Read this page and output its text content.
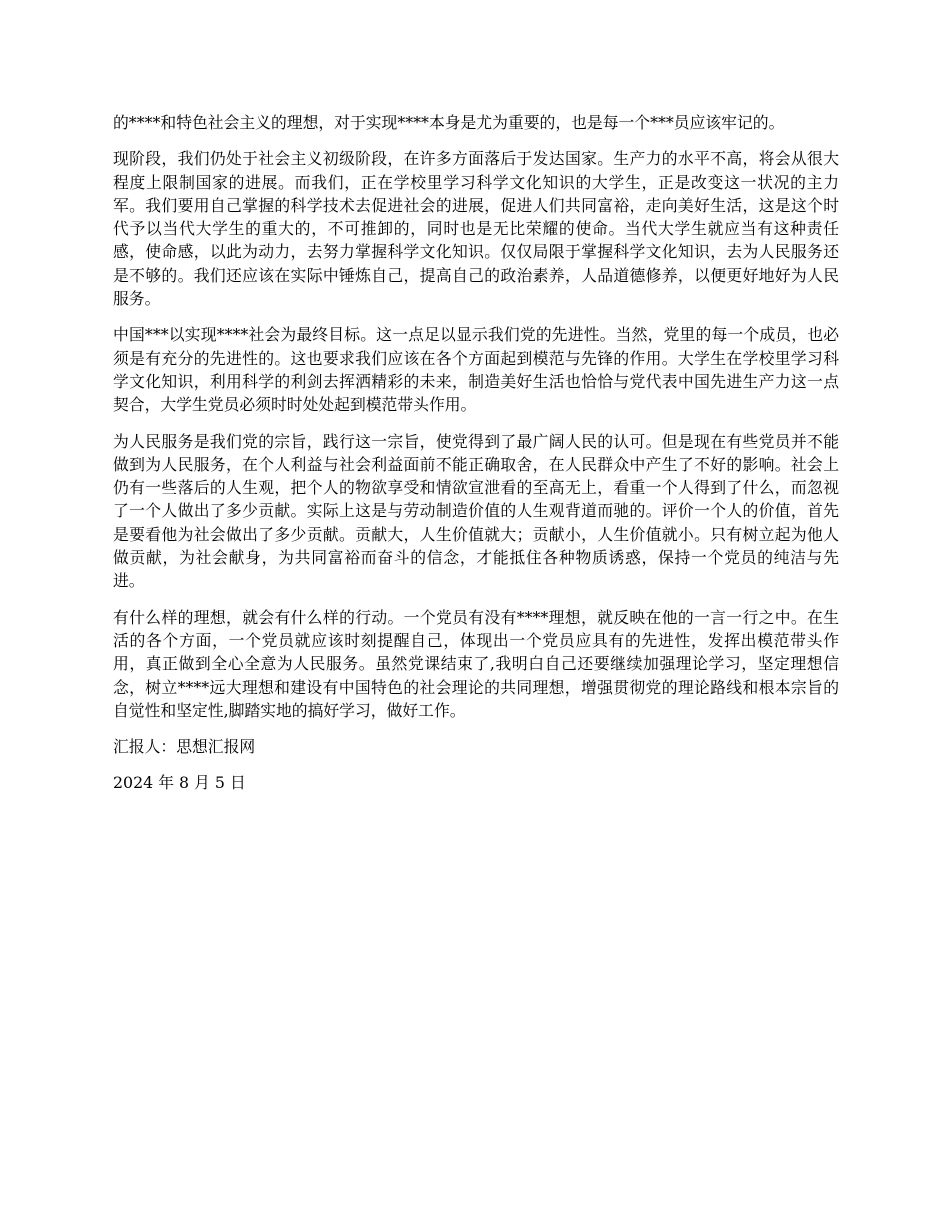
的****和特色社会主义的理想，对于实现****本身是尤为重要的，也是每一个***员应该牢记的。

现阶段，我们仍处于社会主义初级阶段，在许多方面落后于发达国家。生产力的水平不高，将会从很大程度上限制国家的进展。而我们，正在学校里学习科学文化知识的大学生，正是改变这一状况的主力军。我们要用自己掌握的科学技术去促进社会的进展，促进人们共同富裕，走向美好生活，这是这个时代予以当代大学生的重大的，不可推卸的，同时也是无比荣耀的使命。当代大学生就应当有这种责任感，使命感，以此为动力，去努力掌握科学文化知识。仅仅局限于掌握科学文化知识，去为人民服务还是不够的。我们还应该在实际中锤炼自己，提高自己的政治素养，人品道德修养，以便更好地好为人民服务。

中国***以实现****社会为最终目标。这一点足以显示我们党的先进性。当然，党里的每一个成员，也必须是有充分的先进性的。这也要求我们应该在各个方面起到模范与先锋的作用。大学生在学校里学习科学文化知识，利用科学的利剑去挥洒精彩的未来，制造美好生活也恰恰与党代表中国先进生产力这一点契合，大学生党员必须时时处处起到模范带头作用。

为人民服务是我们党的宗旨，践行这一宗旨，使党得到了最广阔人民的认可。但是现在有些党员并不能做到为人民服务，在个人利益与社会利益面前不能正确取舍，在人民群众中产生了不好的影响。社会上仍有一些落后的人生观，把个人的物欲享受和情欲宣泄看的至高无上，看重一个人得到了什么，而忽视了一个人做出了多少贡献。实际上这是与劳动制造价值的人生观背道而驰的。评价一个人的价值，首先是要看他为社会做出了多少贡献。贡献大，人生价值就大；贡献小，人生价值就小。只有树立起为他人做贡献，为社会献身，为共同富裕而奋斗的信念，才能抵住各种物质诱惑，保持一个党员的纯洁与先进。

有什么样的理想，就会有什么样的行动。一个党员有没有****理想，就反映在他的一言一行之中。在生活的各个方面，一个党员就应该时刻提醒自己，体现出一个党员应具有的先进性，发挥出模范带头作用，真正做到全心全意为人民服务。虽然党课结束了,我明白自己还要继续加强理论学习，坚定理想信念，树立****远大理想和建设有中国特色的社会理论的共同理想，增强贯彻党的理论路线和根本宗旨的自觉性和坚定性,脚踏实地的搞好学习，做好工作。

汇报人：思想汇报网

2024 年 8 月 5 日
